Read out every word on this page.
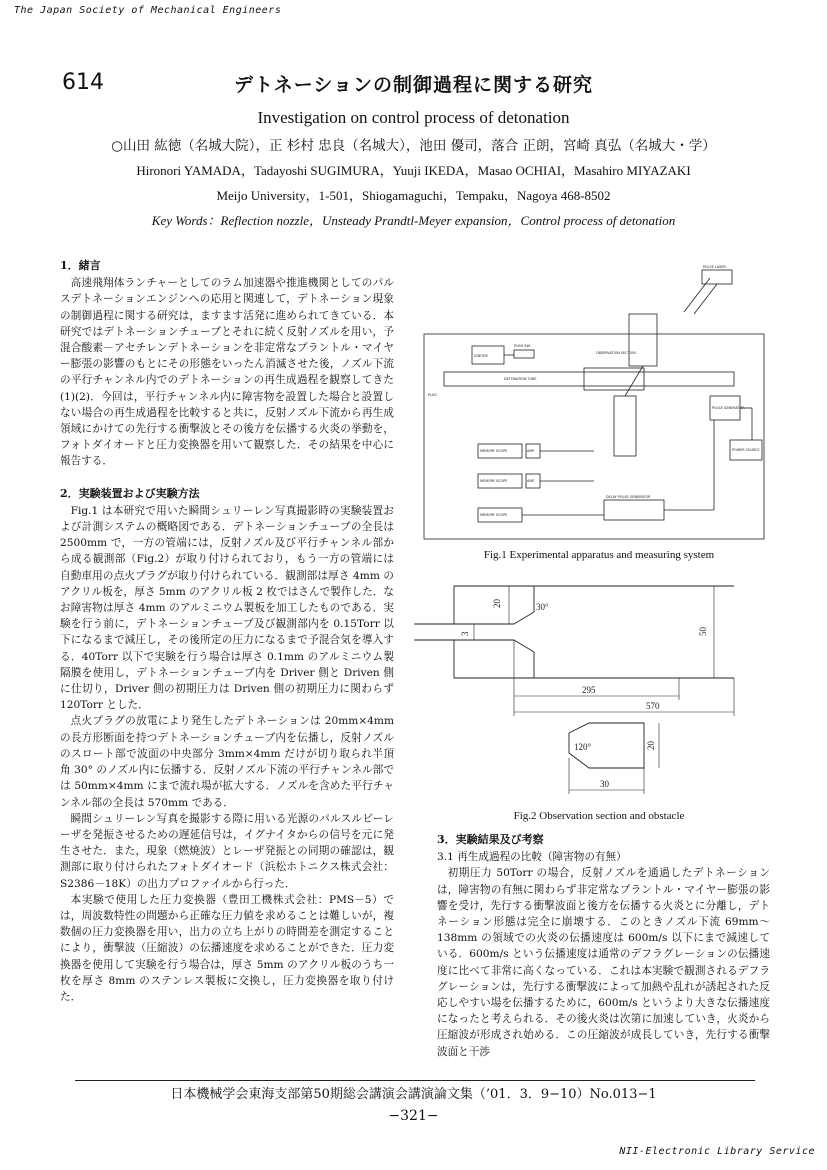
The Japan Society of Mechanical Engineers
614	デトネーションの制御過程に関する研究
Investigation on control process of detonation
○山田 紘徳（名城大院），正 杉村 忠良（名城大），池田 優司，落合 正朗，宮崎 真弘（名城大・学）
Hironori YAMADA，Tadayoshi SUGIMURA，Yuuji IKEDA，Masao OCHIAI，Masahiro MIYAZAKI
Meijo University，1-501，Shiogamaguchi，Tempaku，Nagoya 468-8502
Key Words：Reflection nozzle，Unsteady Prandtl-Meyer expansion，Control process of detonation
1．緒言

高速飛翔体ランチャーとしてのラム加速器や推進機関としてのパルスデトネーションエンジンへの応用と関連して，デトネーション現象の制御過程に関する研究は，ますます活発に進められてきている．本研究ではデトネーションチューブとそれに続く反射ノズルを用い，予混合酸素－アセチレンデトネーションを非定常なプラントル・マイヤー膨張の影響のもとにその形態をいったん消滅させた後，ノズル下流の平行チャンネル内でのデトネーションの再生成過程を観察してきた(1)(2)．今回は，平行チャンネル内に障害物を設置した場合と設置しない場合の再生成過程を比較すると共に，反射ノズル下流から再生成領域にかけての先行する衝撃波とその後方を伝播する火炎の挙動を，フォトダイオードと圧力変換器を用いて観察した．その結果を中心に報告する．

2．実験装置および実験方法

Fig.1 は本研究で用いた瞬間シュリーレン写真撮影時の実験装置および計測システムの概略図である．デトネーションチューブの全長は 2500mm で，一方の管端には，反射ノズル及び平行チャンネル部から成る観測部（Fig.2）が取り付けられており，もう一方の管端には自動車用の点火プラグが取り付けられている．観測部は厚さ 4mm のアクリル板を，厚さ 5mm のアクリル板 2 枚ではさんで製作した．なお障害物は厚さ 4mm のアルミニウム製板を加工したものである．実験を行う前に，デトネーションチューブ及び観測部内を 0.15Torr 以下になるまで減圧し，その後所定の圧力になるまで予混合気を導入する．40Torr 以下で実験を行う場合は厚さ 0.1mm のアルミニウム製隔膜を使用し，デトネーションチューブ内を Driver 側と Driven 側に仕切り，Driver 側の初期圧力は Driven 側の初期圧力に関わらず 120Torr とした．

点火プラグの放電により発生したデトネーションは 20mm×4mm の長方形断面を持つデトネーションチューブ内を伝播し，反射ノズルのスロート部で波面の中央部分 3mm×4mm だけが切り取られ半頂角 30° のノズル内に伝播する．反射ノズル下流の平行チャンネル部では 50mm×4mm にまで流れ場が拡大する．ノズルを含めた平行チャンネル部の全長は 570mm である．

瞬間シュリーレン写真を撮影する際に用いる光源のパルスルビーレーザを発振させるための遅延信号は，イグナイタからの信号を元に発生させた．また，現象（燃焼波）とレーザ発振との同期の確認は，観測部に取り付けられたフォトダイオード（浜松ホトニクス株式会社：S2386－18K）の出力プロファイルから行った．

本実験で使用した圧力変換器（豊田工機株式会社：PMS－5）では，周波数特性の問題から正確な圧力値を求めることは難しいが，複数個の圧力変換器を用い，出力の立ち上がりの時間差を測定することにより，衝撃波（圧縮波）の伝播速度を求めることができた．圧力変換器を使用して実験を行う場合は，厚さ 5mm のアクリル板のうち一枚を厚さ 8mm のステンレス製板に交換し，圧力変換器を取り付けた．

PULSE LASER
IGNITER
PUSH SW.
OBSERVATION SECTION
DETONATION TUBE
PLUG
PULSE GENERATOR
POWER SOURCE
MEMORY SCOPE	AMP.
MEMORY SCOPE	AMP.
MEMORY SCOPE
DELAY PULSE GENERATOR
Fig.1 Experimental apparatus and measuring system
20	30°
50
3
295
570
120°	20
30
Fig.2 Observation section and obstacle
3．実験結果及び考察
3.1 再生成過程の比較（障害物の有無）

初期圧力 50Torr の場合，反射ノズルを通過したデトネーションは，障害物の有無に関わらず非定常なプラントル・マイヤー膨張の影響を受け，先行する衝撃波面と後方を伝播する火炎とに分離し，デトネーション形態は完全に崩壊する．このときノズル下流 69mm～138mm の領域での火炎の伝播速度は 600m/s 以下にまで減速している．600m/s という伝播速度は通常のデフラグレーションの伝播速度に比べて非常に高くなっている．これは本実験で観測されるデフラグレーションは，先行する衝撃波によって加熱や乱れが誘起された反応しやすい場を伝播するために，600m/s というより大きな伝播速度になったと考えられる．その後火炎は次第に加速していき，火炎から圧縮波が形成され始める．この圧縮波が成長していき，先行する衝撃波面と干渉

日本機械学会東海支部第50期総会講演会講演論文集（’01．3．9−10）No.013−1
−321−
NII-Electronic Library Service
